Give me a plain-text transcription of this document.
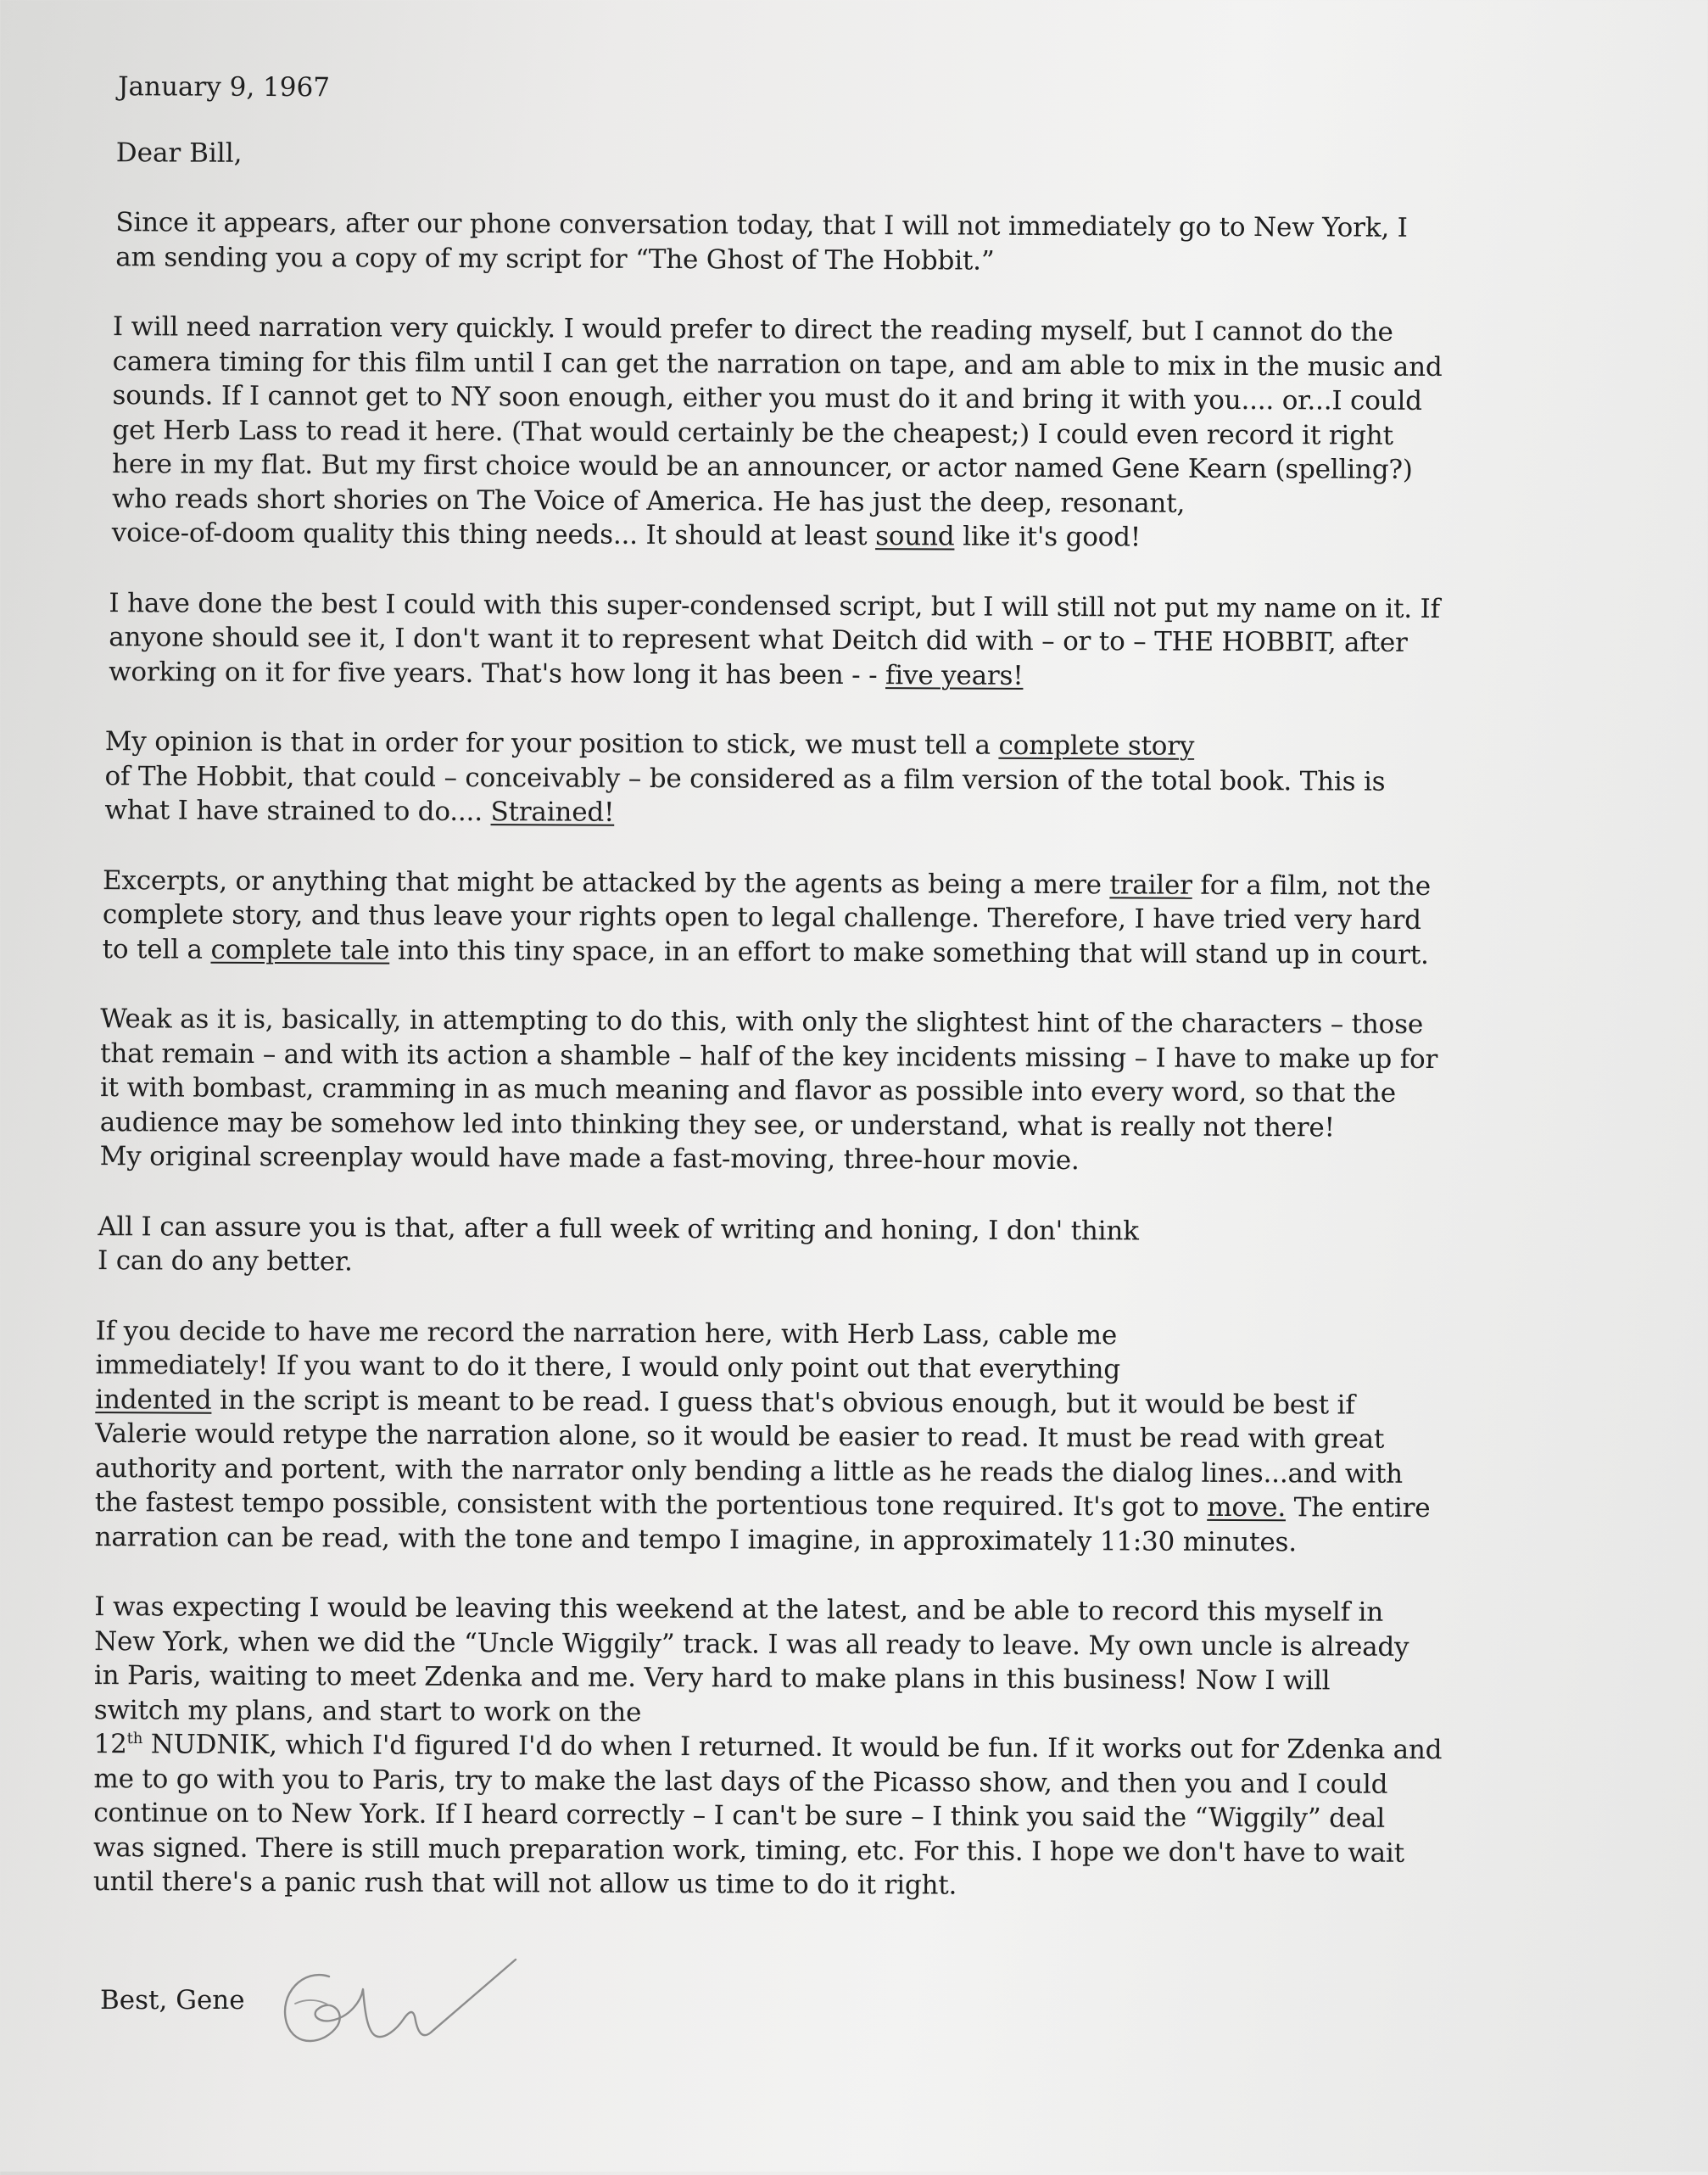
January 9, 1967
Dear Bill,
Since it appears, after our phone conversation today, that I will not immediately go to New York, I
am sending you a copy of my script for “The Ghost of The Hobbit.”
I will need narration very quickly. I would prefer to direct the reading myself, but I cannot do the
camera timing for this film until I can get the narration on tape, and am able to mix in the music and
sounds. If I cannot get to NY soon enough, either you must do it and bring it with you.... or...I could
get Herb Lass to read it here. (That would certainly be the cheapest;) I could even record it right
here in my flat. But my first choice would be an announcer, or actor named Gene Kearn (spelling?)
who reads short shories on The Voice of America. He has just the deep, resonant,
voice-of-doom quality this thing needs... It should at least sound like it's good!
I have done the best I could with this super-condensed script, but I will still not put my name on it. If
anyone should see it, I don't want it to represent what Deitch did with – or to – THE HOBBIT, after
working on it for five years. That's how long it has been - - five years!
My opinion is that in order for your position to stick, we must tell a complete story
of The Hobbit, that could – conceivably – be considered as a film version of the total book. This is
what I have strained to do.... Strained!
Excerpts, or anything that might be attacked by the agents as being a mere trailer for a film, not the
complete story, and thus leave your rights open to legal challenge. Therefore, I have tried very hard
to tell a complete tale into this tiny space, in an effort to make something that will stand up in court.
Weak as it is, basically, in attempting to do this, with only the slightest hint of the characters – those
that remain – and with its action a shamble – half of the key incidents missing – I have to make up for
it with bombast, cramming in as much meaning and flavor as possible into every word, so that the
audience may be somehow led into thinking they see, or understand, what is really not there!
My original screenplay would have made a fast-moving, three-hour movie.
All I can assure you is that, after a full week of writing and honing, I don' think
I can do any better.
If you decide to have me record the narration here, with Herb Lass, cable me
immediately! If you want to do it there, I would only point out that everything
indented in the script is meant to be read. I guess that's obvious enough, but it would be best if
Valerie would retype the narration alone, so it would be easier to read. It must be read with great
authority and portent, with the narrator only bending a little as he reads the dialog lines...and with
the fastest tempo possible, consistent with the portentious tone required. It's got to move. The entire
narration can be read, with the tone and tempo I imagine, in approximately 11:30 minutes.
I was expecting I would be leaving this weekend at the latest, and be able to record this myself in
New York, when we did the “Uncle Wiggily” track. I was all ready to leave. My own uncle is already
in Paris, waiting to meet Zdenka and me. Very hard to make plans in this business! Now I will
switch my plans, and start to work on the
12th NUDNIK, which I'd figured I'd do when I returned. It would be fun. If it works out for Zdenka and
me to go with you to Paris, try to make the last days of the Picasso show, and then you and I could
continue on to New York. If I heard correctly – I can't be sure – I think you said the “Wiggily” deal
was signed. There is still much preparation work, timing, etc. For this. I hope we don't have to wait
until there's a panic rush that will not allow us time to do it right.
Best, Gene
